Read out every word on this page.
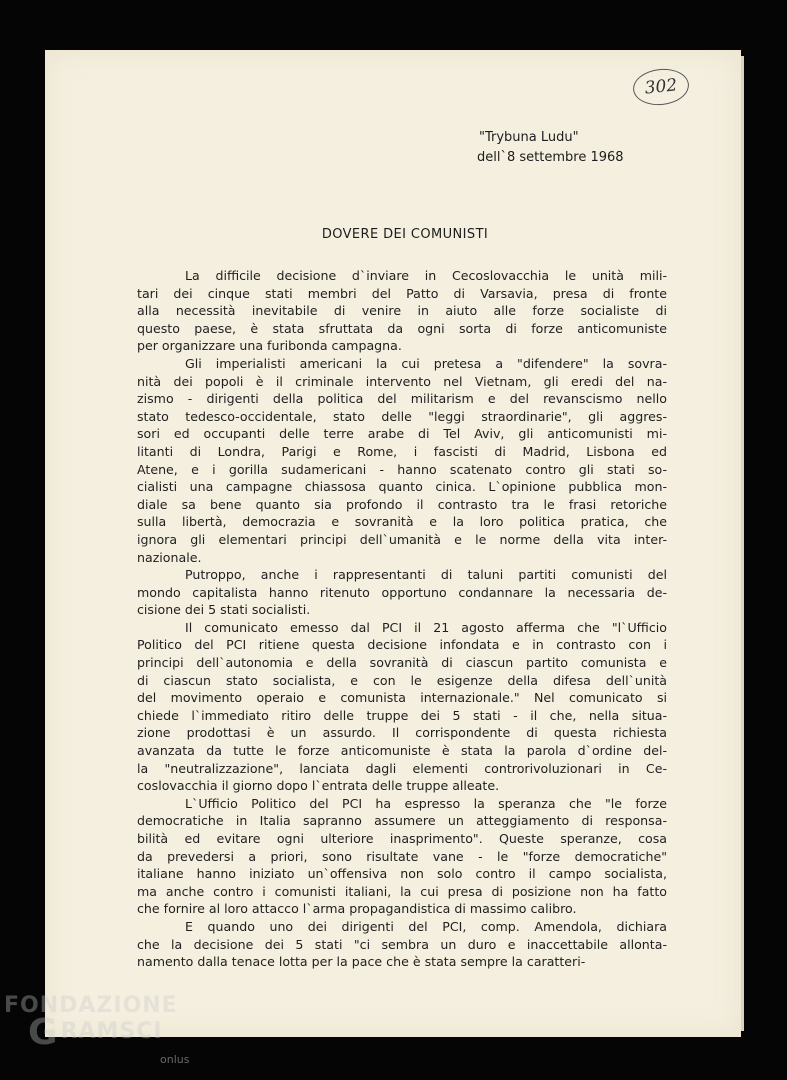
302
"Trybuna Ludu"
dell`8 settembre 1968
DOVERE DEI COMUNISTI
La difficile decisione d`inviare in Cecoslovacchia le unità mili-
tari dei cinque stati membri del Patto di Varsavia, presa di fronte
alla necessità inevitabile di venire in aiuto alle forze socialiste di
questo paese, è stata sfruttata da ogni sorta di forze anticomuniste
per organizzare una furibonda campagna.
Gli imperialisti americani la cui pretesa a "difendere" la sovra-
nità dei popoli è il criminale intervento nel Vietnam, gli eredi del na-
zismo - dirigenti della politica del militarism e del revanscismo nello
stato tedesco-occidentale, stato delle "leggi straordinarie", gli aggres-
sori ed occupanti delle terre arabe di Tel Aviv, gli anticomunisti mi-
litanti di Londra, Parigi e Rome, i fascisti di Madrid, Lisbona ed
Atene, e i gorilla sudamericani - hanno scatenato contro gli stati so-
cialisti una campagne chiassosa quanto cinica. L`opinione pubblica mon-
diale sa bene quanto sia profondo il contrasto tra le frasi retoriche
sulla libertà, democrazia e sovranità e la loro politica pratica, che
ignora gli elementari principi dell`umanità e le norme della vita inter-
nazionale.
Putroppo, anche i rappresentanti di taluni partiti comunisti del
mondo capitalista hanno ritenuto opportuno condannare la necessaria de-
cisione dei 5 stati socialisti.
Il comunicato emesso dal PCI il 21 agosto afferma che "l`Ufficio
Politico del PCI ritiene questa decisione infondata e in contrasto con i
principi dell`autonomia e della sovranità di ciascun partito comunista e
di ciascun stato socialista, e con le esigenze della difesa dell`unità
del movimento operaio e comunista internazionale." Nel comunicato si
chiede l`immediato ritiro delle truppe dei 5 stati - il che, nella situa-
zione prodottasi è un assurdo. Il corrispondente di questa richiesta
avanzata da tutte le forze anticomuniste è stata la parola d`ordine del-
la "neutralizzazione", lanciata dagli elementi controrivoluzionari in Ce-
coslovacchia il giorno dopo l`entrata delle truppe alleate.
L`Ufficio Politico del PCI ha espresso la speranza che "le forze
democratiche in Italia sapranno assumere un atteggiamento di responsa-
bilità ed evitare ogni ulteriore inasprimento". Queste speranze, cosa
da prevedersi a priori, sono risultate vane - le "forze democratiche"
italiane hanno iniziato un`offensiva non solo contro il campo socialista,
ma anche contro i comunisti italiani, la cui presa di posizione non ha fatto
che fornire al loro attacco l`arma propagandistica di massimo calibro.
E quando uno dei dirigenti del PCI, comp. Amendola, dichiara
che la decisione dei 5 stati "ci sembra un duro e inaccettabile allonta-
namento dalla tenace lotta per la pace che è stata sempre la caratteri-
FONDAZIONE
GRAMSCI
onlus
